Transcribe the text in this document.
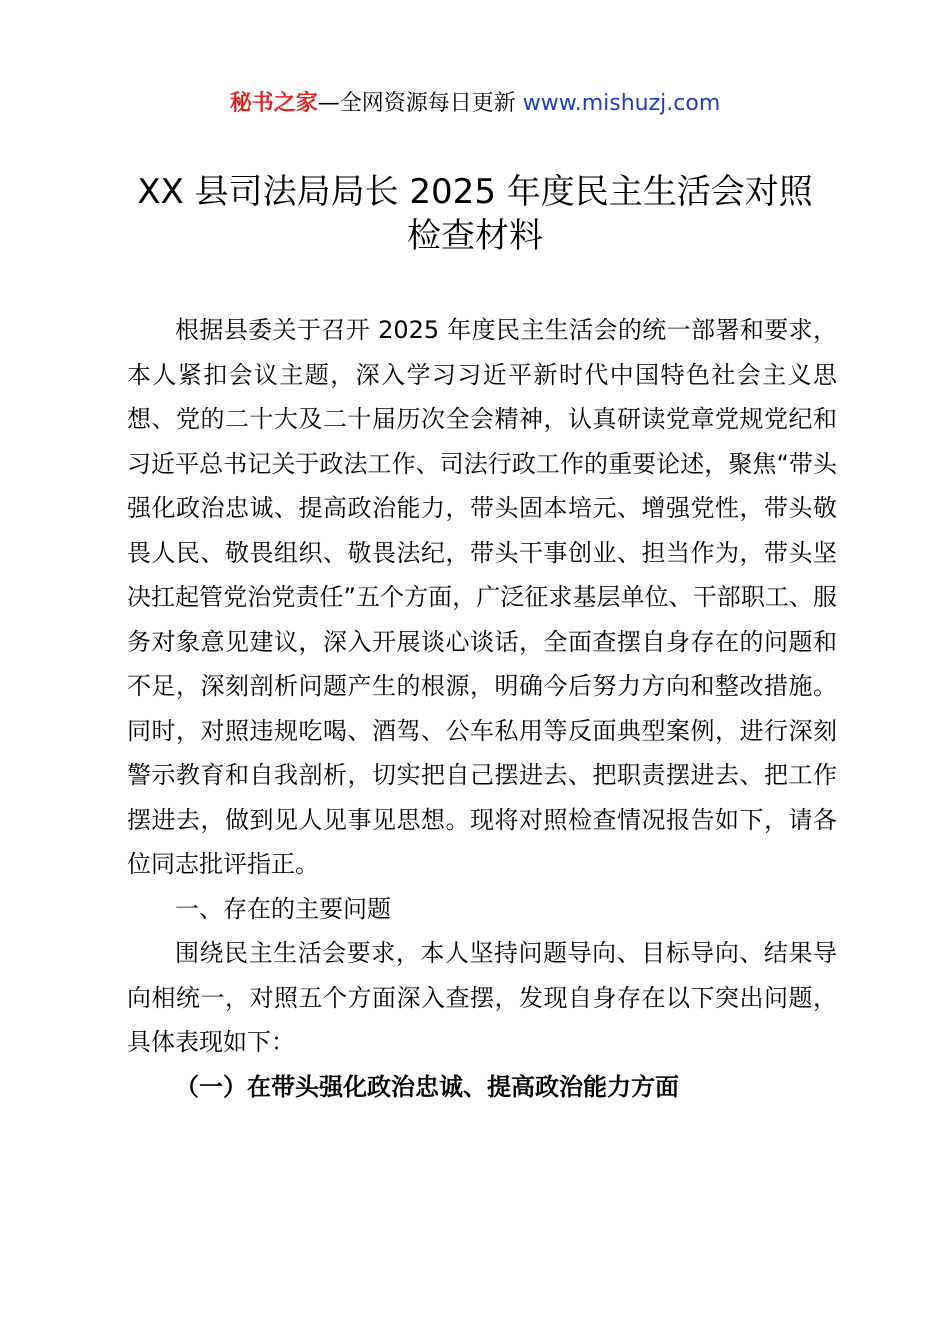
秘书之家—全网资源每日更新 www.mishuzj.com
XX 县司法局局长 2025 年度民主生活会对照
检查材料

根据县委关于召开 2025 年度民主生活会的统一部署和要求，本人紧扣会议主题，深入学习习近平新时代中国特色社会主义思想、党的二十大及二十届历次全会精神，认真研读党章党规党纪和习近平总书记关于政法工作、司法行政工作的重要论述，聚焦“带头强化政治忠诚、提高政治能力，带头固本培元、增强党性，带头敬畏人民、敬畏组织、敬畏法纪，带头干事创业、担当作为，带头坚决扛起管党治党责任”五个方面，广泛征求基层单位、干部职工、服务对象意见建议，深入开展谈心谈话，全面查摆自身存在的问题和不足，深刻剖析问题产生的根源，明确今后努力方向和整改措施。同时，对照违规吃喝、酒驾、公车私用等反面典型案例，进行深刻警示教育和自我剖析，切实把自己摆进去、把职责摆进去、把工作摆进去，做到见人见事见思想。现将对照检查情况报告如下，请各位同志批评指正。

一、存在的主要问题

围绕民主生活会要求，本人坚持问题导向、目标导向、结果导向相统一，对照五个方面深入查摆，发现自身存在以下突出问题，具体表现如下：

（一）在带头强化政治忠诚、提高政治能力方面
